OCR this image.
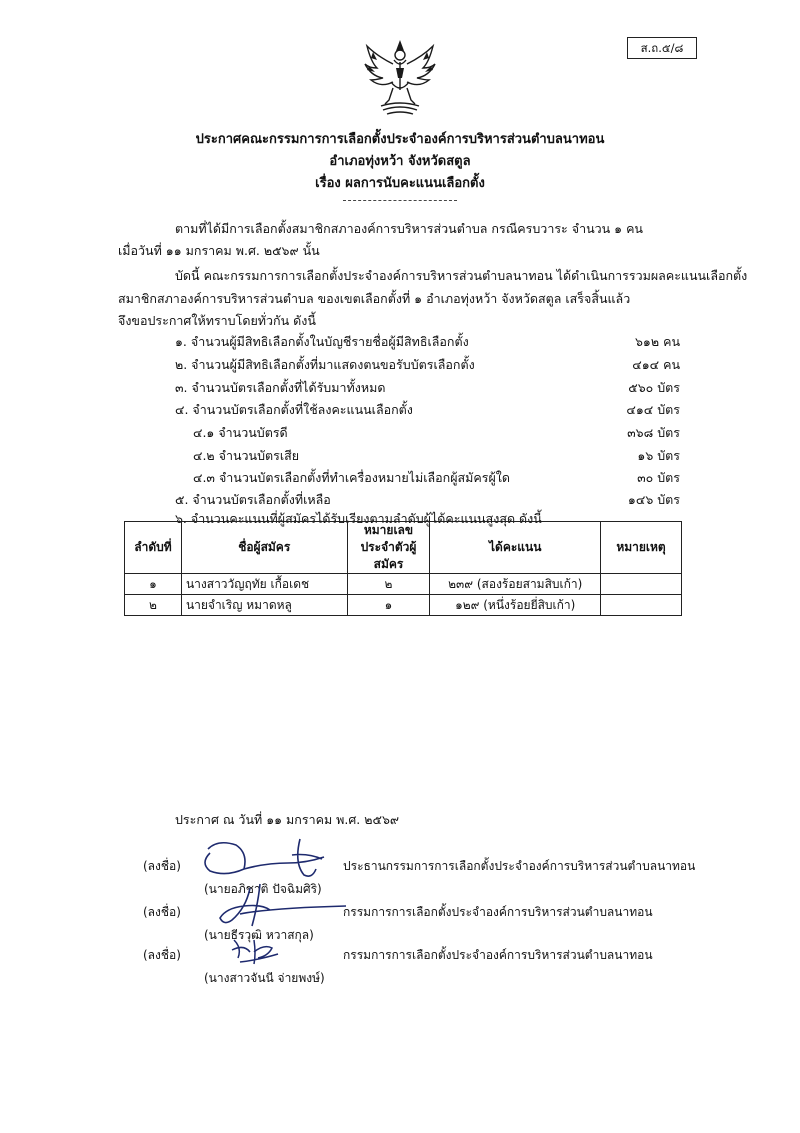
ส.ถ.๕/๘
ประกาศคณะกรรมการการเลือกตั้งประจำองค์การบริหารส่วนตำบลนาทอน
อำเภอทุ่งหว้า จังหวัดสตูล
เรื่อง ผลการนับคะแนนเลือกตั้ง
ตามที่ได้มีการเลือกตั้งสมาชิกสภาองค์การบริหารส่วนตำบล กรณีครบวาระ จำนวน ๑ คน
เมื่อวันที่ ๑๑ มกราคม พ.ศ. ๒๕๖๙ นั้น
บัดนี้ คณะกรรมการการเลือกตั้งประจำองค์การบริหารส่วนตำบลนาทอน ได้ดำเนินการรวมผลคะแนนเลือกตั้ง
สมาชิกสภาองค์การบริหารส่วนตำบล ของเขตเลือกตั้งที่ ๑ อำเภอทุ่งหว้า จังหวัดสตูล เสร็จสิ้นแล้ว
จึงขอประกาศให้ทราบโดยทั่วกัน ดังนี้
๑. จำนวนผู้มีสิทธิเลือกตั้งในบัญชีรายชื่อผู้มีสิทธิเลือกตั้ง	๖๑๒ คน
๒. จำนวนผู้มีสิทธิเลือกตั้งที่มาแสดงตนขอรับบัตรเลือกตั้ง	๔๑๔ คน
๓. จำนวนบัตรเลือกตั้งที่ได้รับมาทั้งหมด	๕๖๐ บัตร
๔. จำนวนบัตรเลือกตั้งที่ใช้ลงคะแนนเลือกตั้ง	๔๑๔ บัตร
๔.๑ จำนวนบัตรดี	๓๖๘ บัตร
๔.๒ จำนวนบัตรเสีย	๑๖ บัตร
๔.๓ จำนวนบัตรเลือกตั้งที่ทำเครื่องหมายไม่เลือกผู้สมัครผู้ใด	๓๐ บัตร
๕. จำนวนบัตรเลือกตั้งที่เหลือ	๑๔๖ บัตร
๖. จำนวนคะแนนที่ผู้สมัครได้รับเรียงตามลำดับผู้ได้คะแนนสูงสุด ดังนี้
ลำดับที่	ชื่อผู้สมัคร	หมายเลข
ประจำตัวผู้สมัคร	ได้คะแนน	หมายเหตุ
๑	นางสาววัญฤทัย เกื้อเดช	๒	๒๓๙ (สองร้อยสามสิบเก้า)	
๒	นายจำเริญ หมาดหลู	๑	๑๒๙ (หนึ่งร้อยยี่สิบเก้า)	
ประกาศ ณ วันที่ ๑๑ มกราคม พ.ศ. ๒๕๖๙
(ลงชื่อ)	ประธานกรรมการการเลือกตั้งประจำองค์การบริหารส่วนตำบลนาทอน
(นายอภิชาติ ปัจฉิมศิริ)
(ลงชื่อ)	กรรมการการเลือกตั้งประจำองค์การบริหารส่วนตำบลนาทอน
(นายธีรวุฒิ หวาสกุล)
(ลงชื่อ)	กรรมการการเลือกตั้งประจำองค์การบริหารส่วนตำบลนาทอน
(นางสาวจันนี จ่ายพงษ์)
